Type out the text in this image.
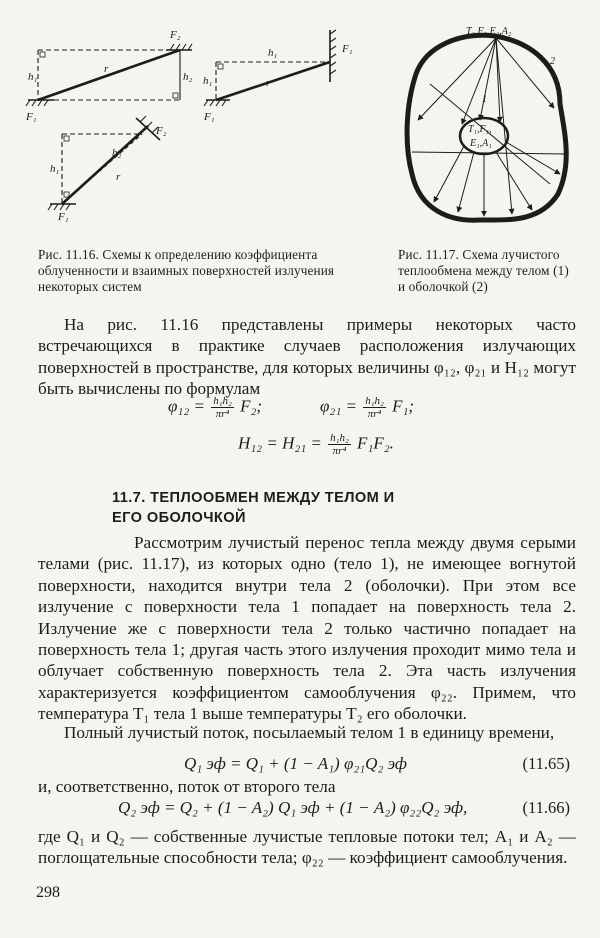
h₁	h₂
r
F₁
F₂
h₁
h₁
r
F₁
F₁
h₁
h₂
r
F₂
F₁
T₂,F₂,E₂,A₂
T₁,F₁,
E₁,A₁
1
2
Рис. 11.16. Схемы к определению коэффициента облученности и взаимных поверхностей излучения некоторых систем
Рис. 11.17. Схема лучистого теплообмена между телом (1) и оболочкой (2)
На рис. 11.16 представлены примеры некоторых часто встречающихся в практике случаев расположения излучающих поверхностей в пространстве, для которых величины φ₁₂, φ₂₁ и H₁₂ могут быть вычислены по формулам
$\varphi_{12} = \frac{\text{h₁h₂}}{\text{πr⁴}} F_2$;	$\varphi_{21} = \frac{\text{h₁h₂}}{\text{πr⁴}} F_1$;
$H_{12} = H_{21} = \frac{\text{h₁h₂}}{\text{πr⁴}} F_1F_2$.
11.7. ТЕПЛООБМЕН МЕЖДУ ТЕЛОМ И ЕГО ОБОЛОЧКОЙ
Рассмотрим лучистый перенос тепла между двумя серыми телами (рис. 11.17), из которых одно (тело 1), не имеющее вогнутой поверхности, находится внутри тела 2 (оболочки). При этом все излучение с поверхности тела 1 попадает на поверхность тела 2. Излучение же с поверхности тела 2 только частично попадает на поверхность тела 1; другая часть этого излучения проходит мимо тела и облучает собственную поверхность тела 2. Эта часть излучения характеризуется коэффициентом самооблучения φ₂₂. Примем, что температура T₁ тела 1 выше температуры T₂ его оболочки.
Полный лучистый поток, посылаемый телом 1 в единицу времени,
Q₁ эф = Q₁ + (1 − A₁) φ₂₁Q₂ эф	(11.65)
и, соответственно, поток от второго тела
Q₂ эф = Q₂ + (1 − A₂) Q₁ эф + (1 − A₂) φ₂₂Q₂ эф,	(11.66)
где Q₁ и Q₂ — собственные лучистые тепловые потоки тел; A₁ и A₂ — поглощательные способности тела; φ₂₂ — коэффициент самооблучения.
298
